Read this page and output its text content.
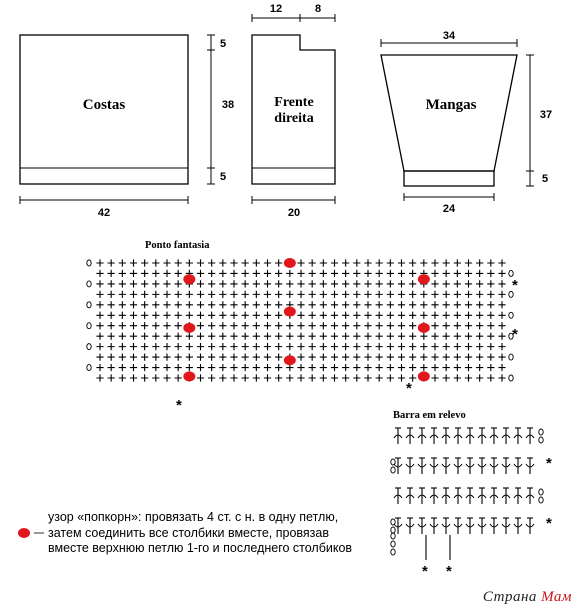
Costas
42
5
38
5
Frente
direita
12	8
20
Mangas
34
24
37
5
Ponto fantasia
*
*
*
*
Barra em relevo
*
*
* *
узор «попкорн»: провязать 4 ст. с н. в одну петлю,
затем соединить все столбики вместе, провязав
вместе верхнюю петлю 1-го и последнего столбиков
Страна Мам
